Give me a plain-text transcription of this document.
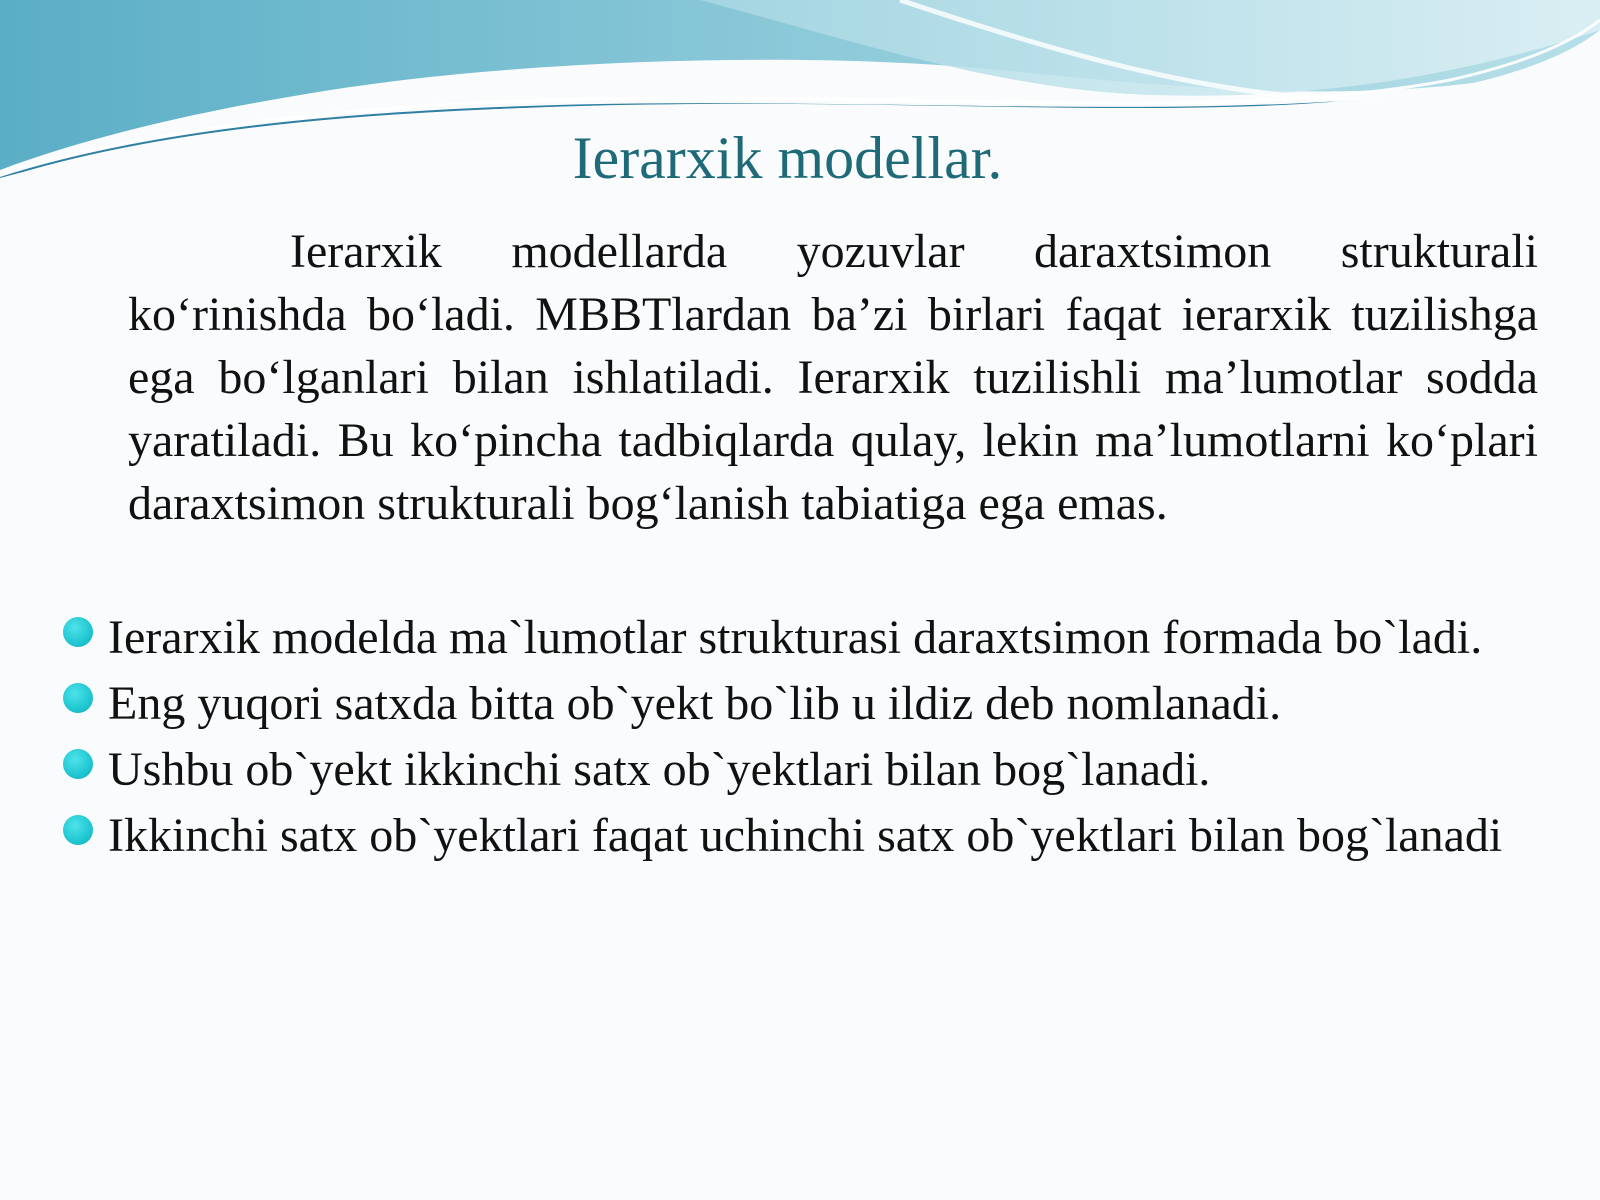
Ierarxik modellar.

Ierarxik modellarda yozuvlar daraxtsimon strukturali ko‘rinishda bo‘ladi. MBBTlardan ba’zi birlari faqat ierarxik tuzilishga ega bo‘lganlari bilan ishlatiladi. Ierarxik tuzilishli ma’lumotlar sodda yaratiladi. Bu ko‘pincha tadbiqlarda qulay, lekin ma’lumotlarni ko‘plari daraxtsimon strukturali bog‘lanish tabiatiga ega emas.

Ierarxik modelda ma`lumotlar strukturasi daraxtsimon formada bo`ladi.
Eng yuqori satxda bitta ob`yekt bo`lib u ildiz deb nomlanadi.
Ushbu ob`yekt ikkinchi satx ob`yektlari bilan bog`lanadi.
Ikkinchi satx ob`yektlari faqat uchinchi satx ob`yektlari bilan bog`lanadi
